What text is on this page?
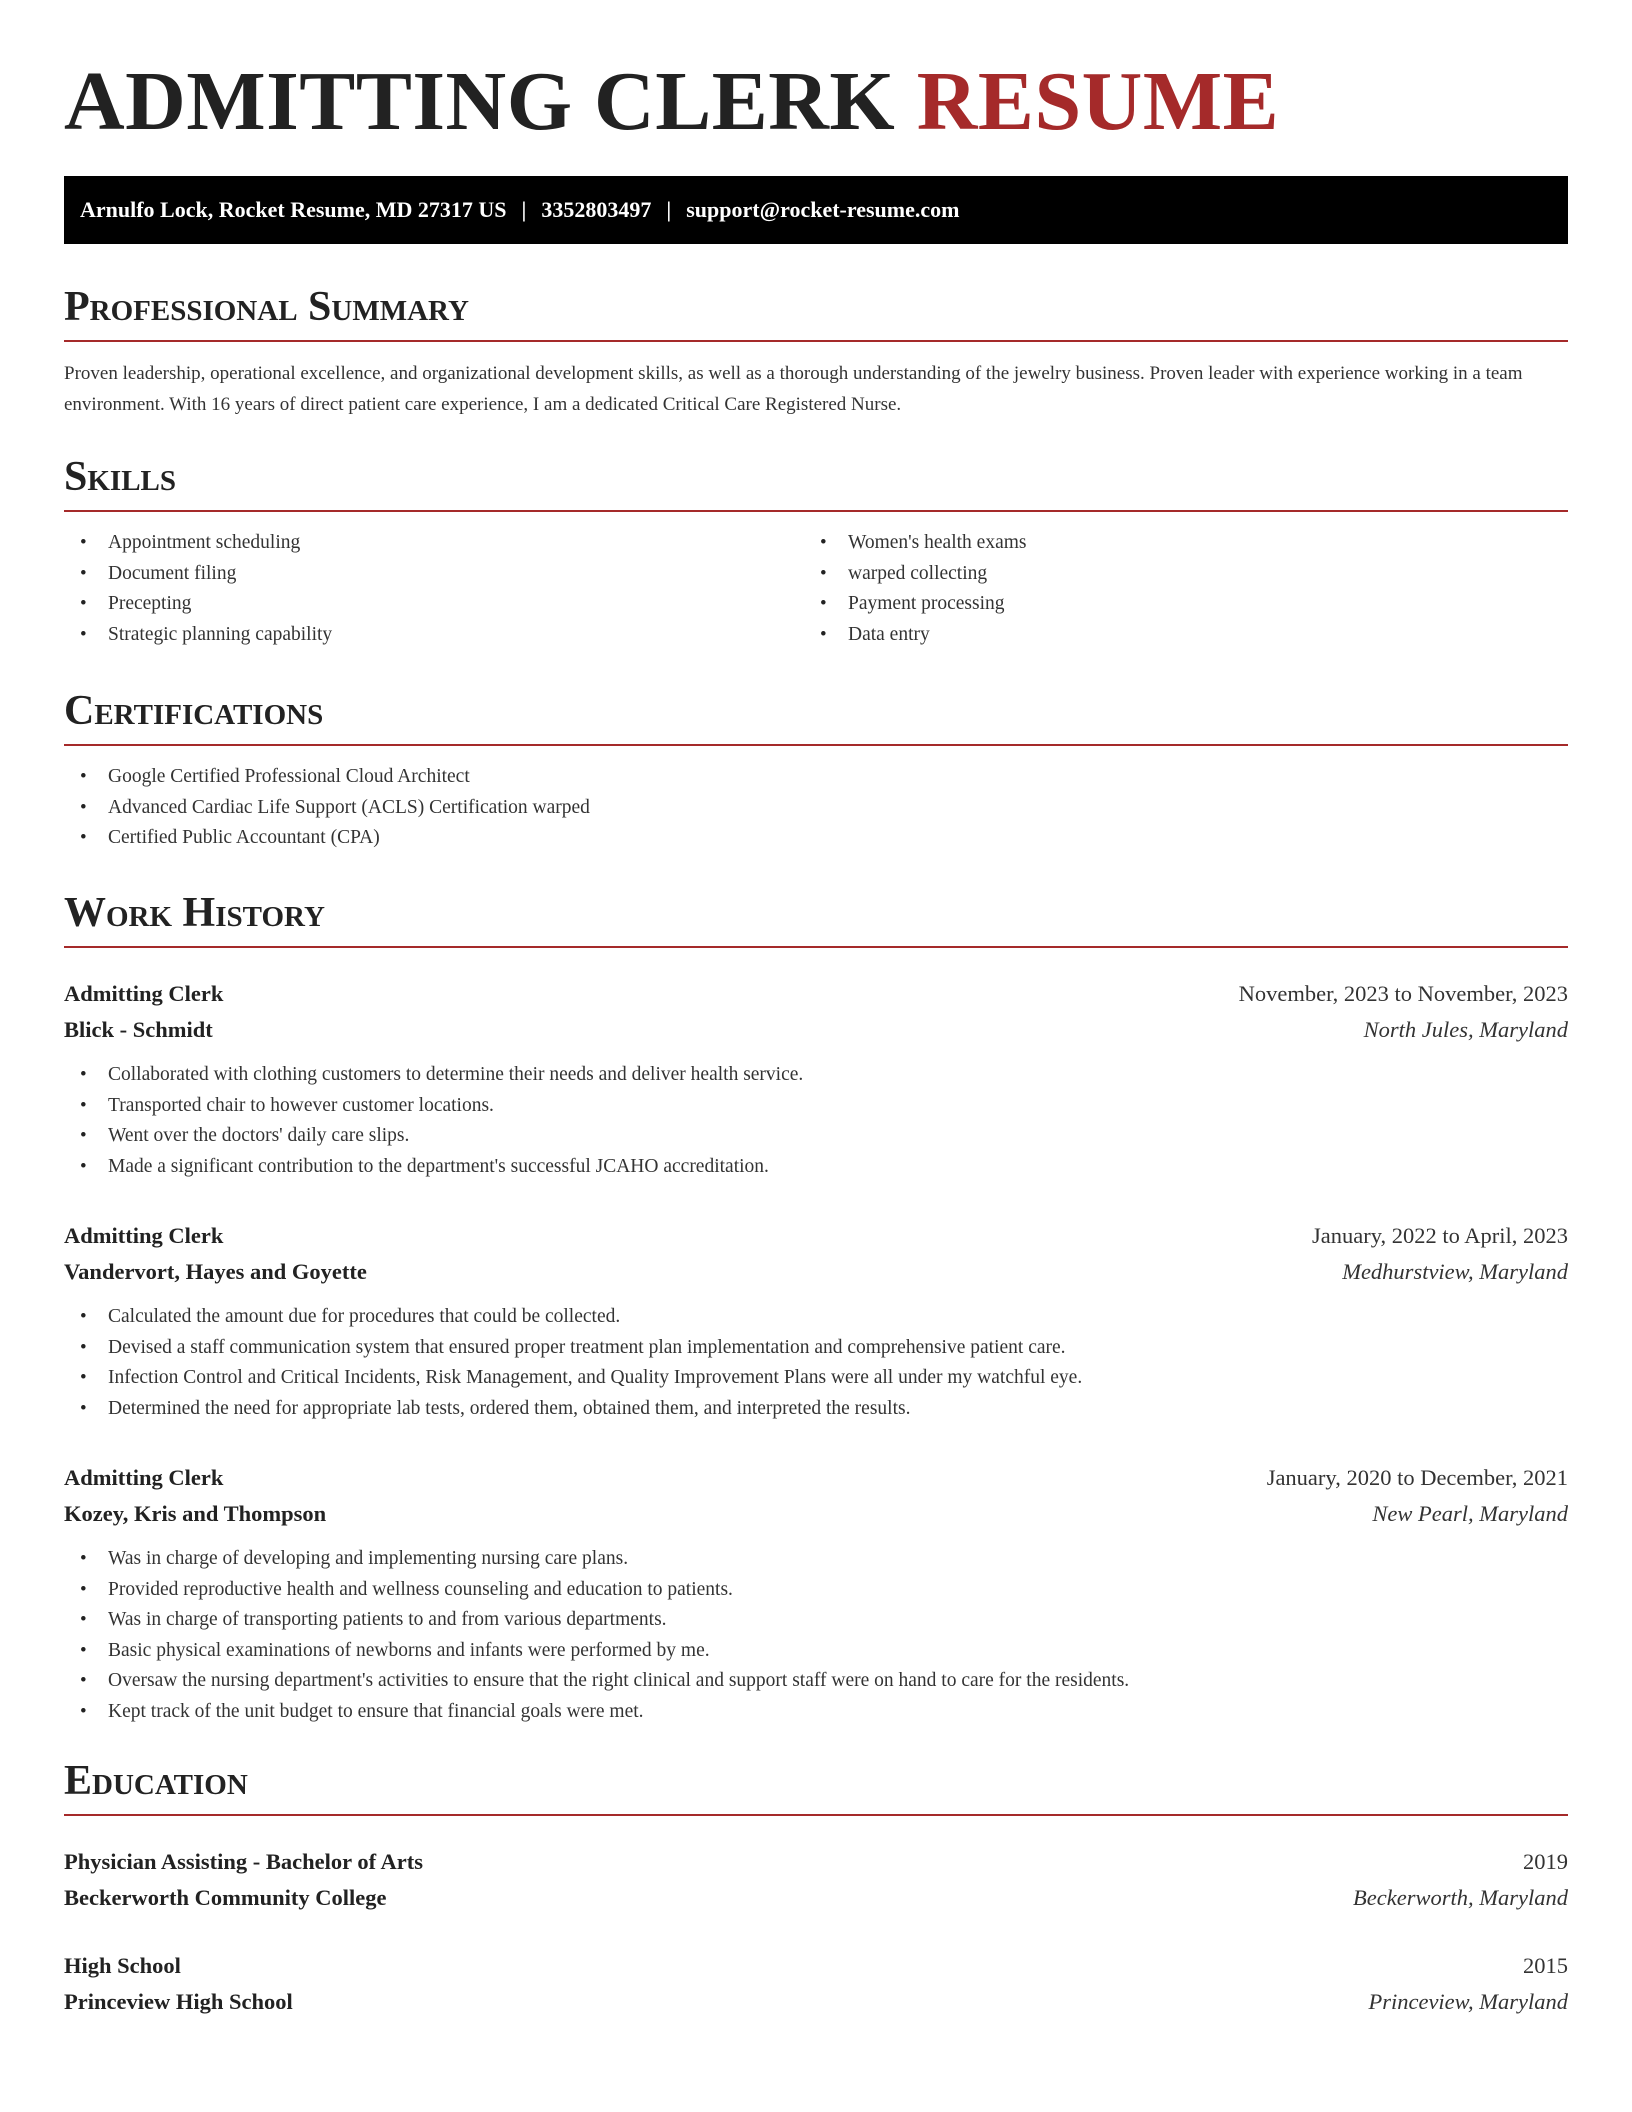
ADMITTING CLERK RESUME
Arnulfo Lock, Rocket Resume, MD 27317 US | 3352803497 | support@rocket-resume.com
Professional Summary

Proven leadership, operational excellence, and organizational development skills, as well as a thorough understanding of the jewelry business. Proven leader with experience working in a team environment. With 16 years of direct patient care experience, I am a dedicated Critical Care Registered Nurse.

Skills
• Appointment scheduling
• Document filing
• Precepting
• Strategic planning capability
• Women's health exams
• warped collecting
• Payment processing
• Data entry
Certifications
• Google Certified Professional Cloud Architect
• Advanced Cardiac Life Support (ACLS) Certification warped
• Certified Public Accountant (CPA)
Work History
Admitting Clerk	November, 2023 to November, 2023
Blick - Schmidt	North Jules, Maryland
• Collaborated with clothing customers to determine their needs and deliver health service.
• Transported chair to however customer locations.
• Went over the doctors' daily care slips.
• Made a significant contribution to the department's successful JCAHO accreditation.
Admitting Clerk	January, 2022 to April, 2023
Vandervort, Hayes and Goyette	Medhurstview, Maryland
• Calculated the amount due for procedures that could be collected.
• Devised a staff communication system that ensured proper treatment plan implementation and comprehensive patient care.
• Infection Control and Critical Incidents, Risk Management, and Quality Improvement Plans were all under my watchful eye.
• Determined the need for appropriate lab tests, ordered them, obtained them, and interpreted the results.
Admitting Clerk	January, 2020 to December, 2021
Kozey, Kris and Thompson	New Pearl, Maryland
• Was in charge of developing and implementing nursing care plans.
• Provided reproductive health and wellness counseling and education to patients.
• Was in charge of transporting patients to and from various departments.
• Basic physical examinations of newborns and infants were performed by me.
• Oversaw the nursing department's activities to ensure that the right clinical and support staff were on hand to care for the residents.
• Kept track of the unit budget to ensure that financial goals were met.
Education
Physician Assisting - Bachelor of Arts	2019
Beckerworth Community College	Beckerworth, Maryland
High School	2015
Princeview High School	Princeview, Maryland
